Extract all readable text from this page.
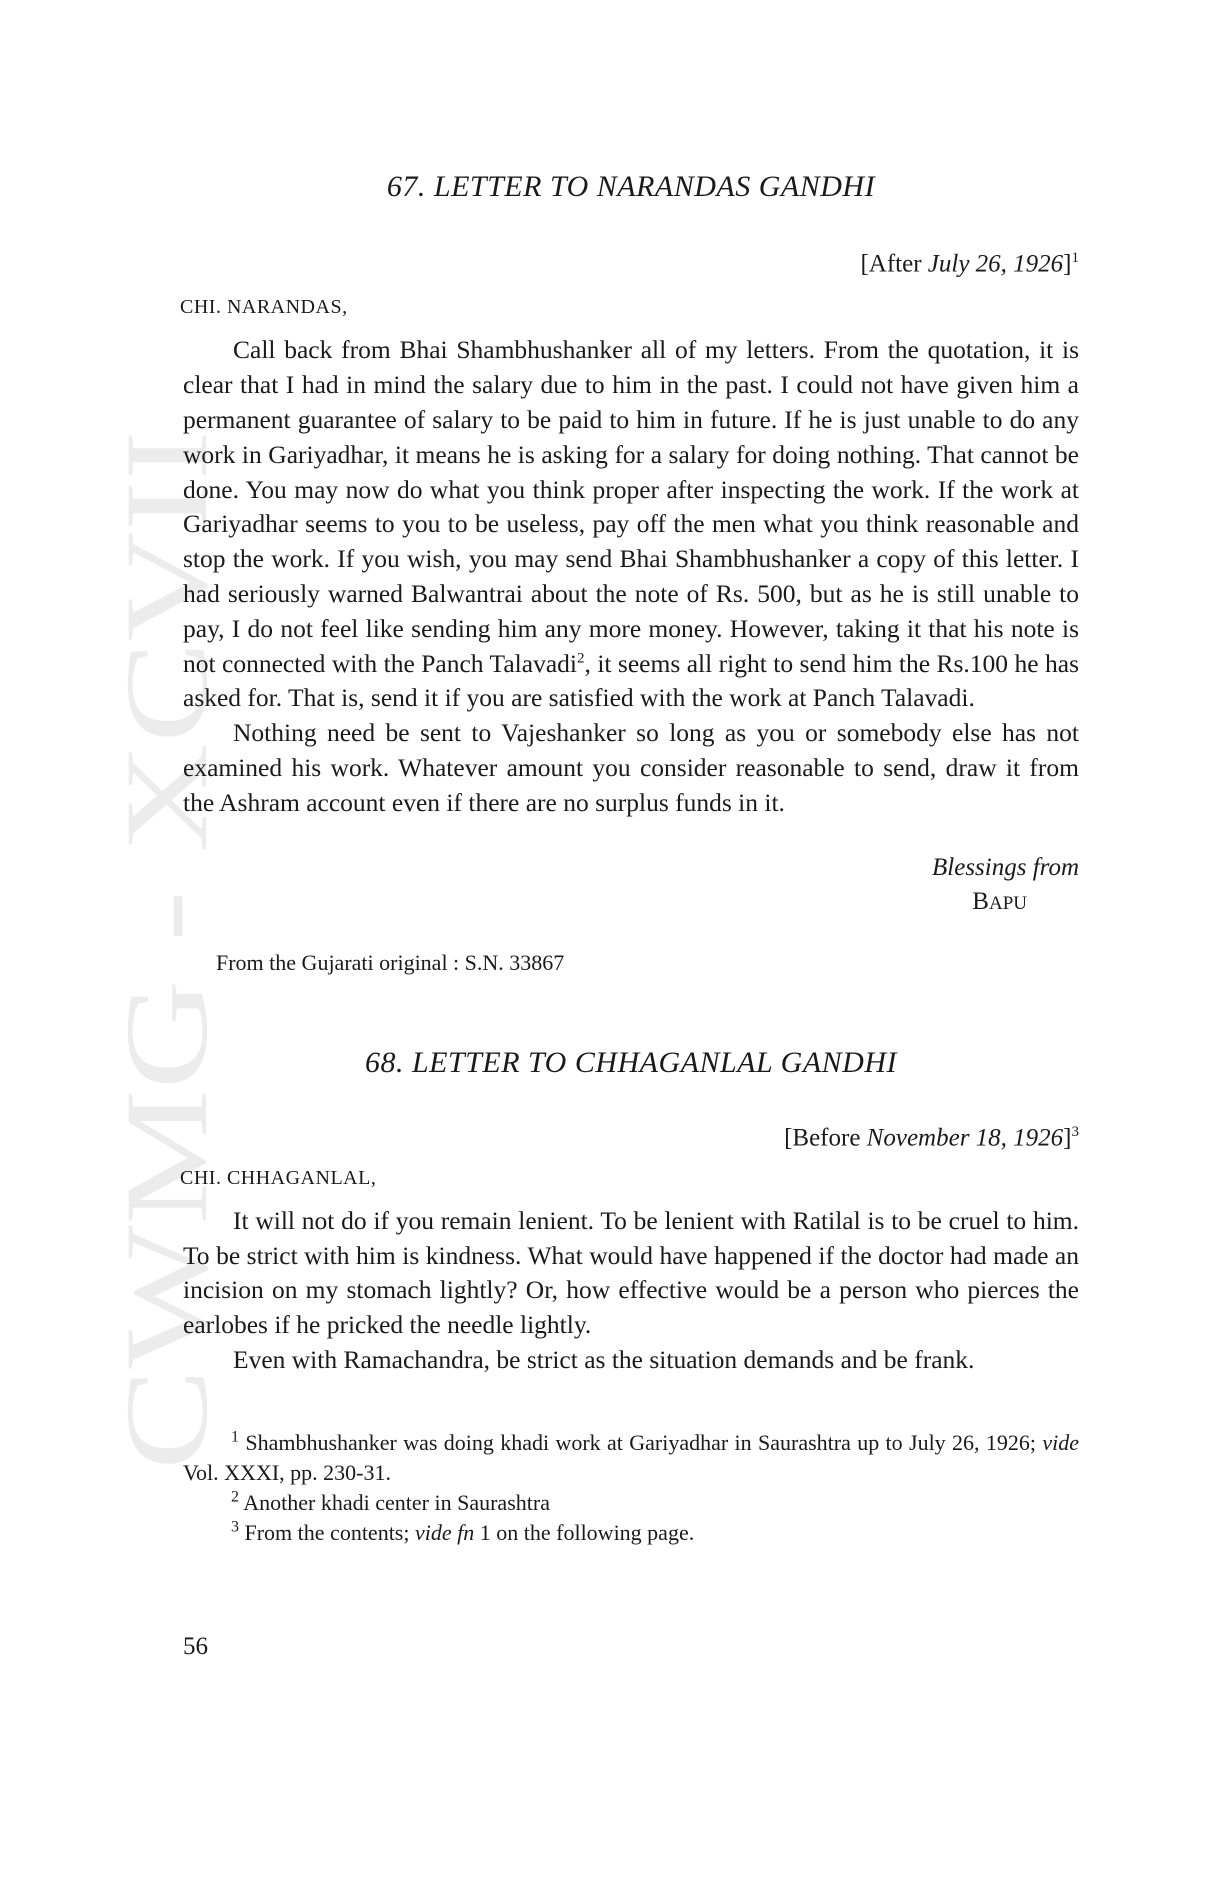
CWMG - XCVII
67. LETTER TO NARANDAS GANDHI
[After July 26, 1926]$^1$
CHI. NARANDAS,

Call back from Bhai Shambhushanker all of my letters. From the quotation, it is clear that I had in mind the salary due to him in the past. I could not have given him a permanent guarantee of salary to be paid to him in future. If he is just unable to do any work in Gariyadhar, it means he is asking for a salary for doing nothing. That cannot be done. You may now do what you think proper after inspecting the work. If the work at Gariyadhar seems to you to be useless, pay off the men what you think reasonable and stop the work. If you wish, you may send Bhai Shambhushanker a copy of this letter. I had seriously warned Balwantrai about the note of Rs. 500, but as he is still unable to pay, I do not feel like sending him any more money. However, taking it that his note is not connected with the Panch Talavadi$^2$, it seems all right to send him the Rs.100 he has asked for. That is, send it if you are satisfied with the work at Panch Talavadi.

Nothing need be sent to Vajeshanker so long as you or somebody else has not examined his work. Whatever amount you consider reasonable to send, draw it from the Ashram account even if there are no surplus funds in it.

Blessings from
BAPU
From the Gujarati original : S.N. 33867
68. LETTER TO CHHAGANLAL GANDHI
[Before November 18, 1926]$^3$
CHI. CHHAGANLAL,

It will not do if you remain lenient. To be lenient with Ratilal is to be cruel to him. To be strict with him is kindness. What would have happened if the doctor had made an incision on my stomach lightly? Or, how effective would be a person who pierces the earlobes if he pricked the needle lightly.

Even with Ramachandra, be strict as the situation demands and be frank.

$^1$ Shambhushanker was doing khadi work at Gariyadhar in Saurashtra up to July 26, 1926; vide Vol. XXXI, pp. 230-31.

$^2$ Another khadi center in Saurashtra

$^3$ From the contents; vide fn 1 on the following page.

56
